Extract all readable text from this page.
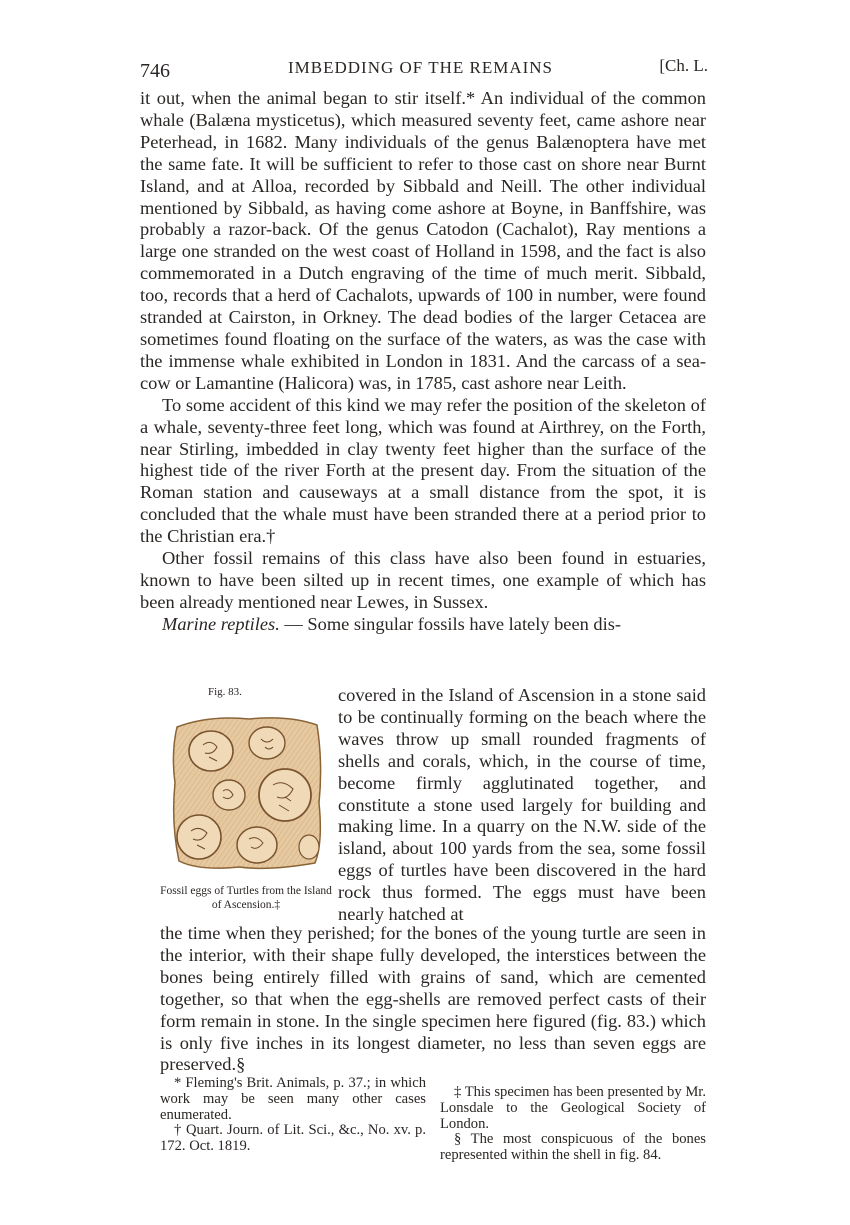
746	IMBEDDING OF THE REMAINS	[Ch. L.

it out, when the animal began to stir itself.* An individual of the common whale (Balæna mysticetus), which measured seventy feet, came ashore near Peterhead, in 1682. Many individuals of the genus Balænoptera have met the same fate. It will be sufficient to refer to those cast on shore near Burnt Island, and at Alloa, recorded by Sibbald and Neill. The other individual mentioned by Sibbald, as having come ashore at Boyne, in Banffshire, was probably a razor-back. Of the genus Catodon (Cachalot), Ray mentions a large one stranded on the west coast of Holland in 1598, and the fact is also commemorated in a Dutch engraving of the time of much merit. Sibbald, too, records that a herd of Cachalots, upwards of 100 in number, were found stranded at Cairston, in Orkney. The dead bodies of the larger Cetacea are sometimes found floating on the surface of the waters, as was the case with the immense whale exhibited in London in 1831. And the carcass of a sea-cow or Lamantine (Halicora) was, in 1785, cast ashore near Leith.

To some accident of this kind we may refer the position of the skeleton of a whale, seventy-three feet long, which was found at Airthrey, on the Forth, near Stirling, imbedded in clay twenty feet higher than the surface of the highest tide of the river Forth at the present day. From the situation of the Roman station and causeways at a small distance from the spot, it is concluded that the whale must have been stranded there at a period prior to the Christian era.†

Other fossil remains of this class have also been found in estuaries, known to have been silted up in recent times, one example of which has been already mentioned near Lewes, in Sussex.

Marine reptiles. — Some singular fossils have lately been dis-

Fig. 83.
Fossil eggs of Turtles from the Island of Ascension.‡
covered in the Island of Ascension in a stone said to be continually forming on the beach where the waves throw up small rounded fragments of shells and corals, which, in the course of time, become firmly agglutinated together, and constitute a stone used largely for building and making lime. In a quarry on the N.W. side of the island, about 100 yards from the sea, some fossil eggs of turtles have been discovered in the hard rock thus formed. The eggs must have been nearly hatched at
the time when they perished; for the bones of the young turtle are seen in the interior, with their shape fully developed, the interstices between the bones being entirely filled with grains of sand, which are cemented together, so that when the egg-shells are removed perfect casts of their form remain in stone. In the single specimen here figured (fig. 83.) which is only five inches in its longest diameter, no less than seven eggs are preserved.§

* Fleming's Brit. Animals, p. 37.; in which work may be seen many other cases enumerated.

† Quart. Journ. of Lit. Sci., &c., No. xv. p. 172. Oct. 1819.

‡ This specimen has been presented by Mr. Lonsdale to the Geological Society of London.

§ The most conspicuous of the bones represented within the shell in fig. 84.
